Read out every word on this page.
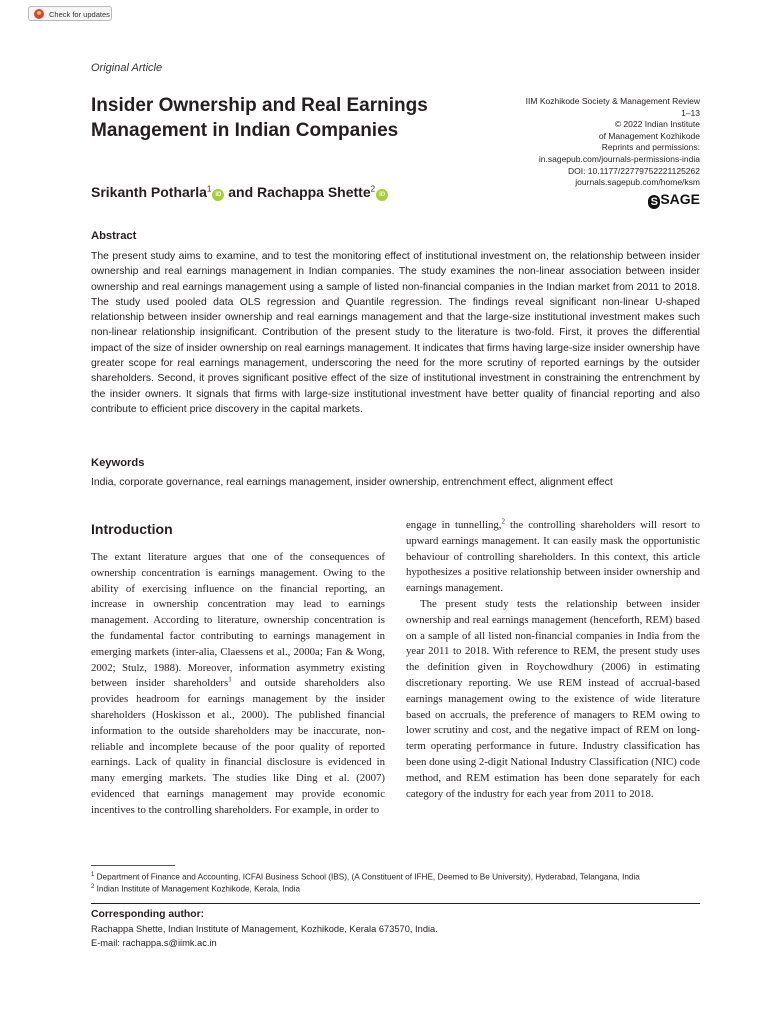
Check for updates
Original Article
Insider Ownership and Real Earnings Management in Indian Companies
Srikanth Potharla$^1$iD and Rachappa Shette$^2$iD
IIM Kozhikode Society & Management Review
1–13
© 2022 Indian Institute
of Management Kozhikode
Reprints and permissions:
in.sagepub.com/journals-permissions-india
DOI: 10.1177/22779752221125262
journals.sagepub.com/home/ksm
S SAGE
Abstract

The present study aims to examine, and to test the monitoring effect of institutional investment on, the relationship between insider ownership and real earnings management in Indian companies. The study examines the non-linear association between insider ownership and real earnings management using a sample of listed non-financial companies in the Indian market from 2011 to 2018. The study used pooled data OLS regression and Quantile regression. The findings reveal significant non-linear U-shaped relationship between insider ownership and real earnings management and that the large-size institutional investment makes such non-linear relationship insignificant. Contribution of the present study to the literature is two-fold. First, it proves the differential impact of the size of insider ownership on real earnings management. It indicates that firms having large-size insider ownership have greater scope for real earnings management, underscoring the need for the more scrutiny of reported earnings by the outsider shareholders. Second, it proves significant positive effect of the size of institutional investment in constraining the entrenchment by the insider owners. It signals that firms with large-size institutional investment have better quality of financial reporting and also contribute to efficient price discovery in the capital markets.

Keywords
India, corporate governance, real earnings management, insider ownership, entrenchment effect, alignment effect
Introduction

The extant literature argues that one of the consequences of ownership concentration is earnings management. Owing to the ability of exercising influence on the financial reporting, an increase in ownership concentration may lead to earnings management. According to literature, ownership concentration is the fundamental factor contributing to earnings management in emerging markets (inter-alia, Claessens et al., 2000a; Fan & Wong, 2002; Stulz, 1988). Moreover, information asymmetry existing between insider shareholders$^1$ and outside shareholders also provides headroom for earnings management by the insider shareholders (Hoskisson et al., 2000). The published financial information to the outside shareholders may be inaccurate, non-reliable and incomplete because of the poor quality of reported earnings. Lack of quality in financial disclosure is evidenced in many emerging markets. The studies like Ding et al. (2007) evidenced that earnings management may provide economic incentives to the controlling shareholders. For example, in order to

engage in tunnelling,$^2$ the controlling shareholders will resort to upward earnings management. It can easily mask the opportunistic behaviour of controlling shareholders. In this context, this article hypothesizes a positive relationship between insider ownership and earnings management.

The present study tests the relationship between insider ownership and real earnings management (henceforth, REM) based on a sample of all listed non-financial companies in India from the year 2011 to 2018. With reference to REM, the present study uses the definition given in Roychowdhury (2006) in estimating discretionary reporting. We use REM instead of accrual-based earnings management owing to the existence of wide literature based on accruals, the preference of managers to REM owing to lower scrutiny and cost, and the negative impact of REM on long-term operating performance in future. Industry classification has been done using 2-digit National Industry Classification (NIC) code method, and REM estimation has been done separately for each category of the industry for each year from 2011 to 2018.

$^1$ Department of Finance and Accounting, ICFAI Business School (IBS), (A Constituent of IFHE, Deemed to Be University), Hyderabad, Telangana, India
$^2$ Indian Institute of Management Kozhikode, Kerala, India
Corresponding author:
Rachappa Shette, Indian Institute of Management, Kozhikode, Kerala 673570, India.
E-mail: rachappa.s@iimk.ac.in
